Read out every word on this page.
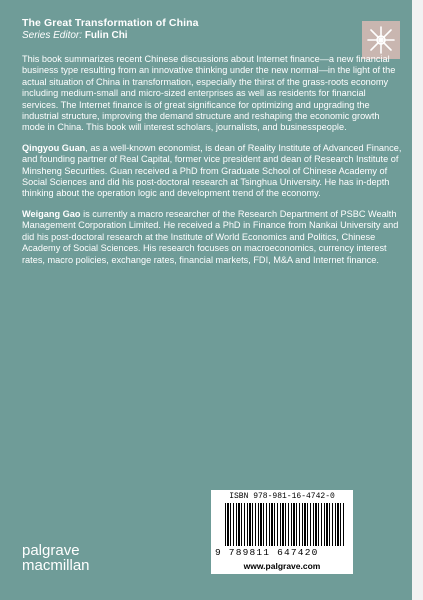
The Great Transformation of China
Series Editor: Fulin Chi

This book summarizes recent Chinese discussions about Internet finance—a new financial business type resulting from an innovative thinking under the new normal—in the light of the actual situation of China in transformation, especially the thirst of the grass-roots economy including medium-small and micro-sized enterprises as well as residents for financial services. The Internet finance is of great significance for optimizing and upgrading the industrial structure, improving the demand structure and reshaping the economic growth mode in China. This book will interest scholars, journalists, and businesspeople.

Qingyou Guan, as a well-known economist, is dean of Reality Institute of Advanced Finance, and founding partner of Real Capital, former vice president and dean of Research Institute of Minsheng Securities. Guan received a PhD from Graduate School of Chinese Academy of Social Sciences and did his post-doctoral research at Tsinghua University. He has in-depth thinking about the operation logic and development trend of the economy.

Weigang Gao is currently a macro researcher of the Research Department of PSBC Wealth Management Corporation Limited. He received a PhD in Finance from Nankai University and did his post-doctoral research at the Institute of World Economics and Politics, Chinese Academy of Social Sciences. His research focuses on macroeconomics, currency interest rates, macro policies, exchange rates, financial markets, FDI, M&A and Internet finance.

ISBN 978-981-16-4742-0
9 789811 647420
www.palgrave.com
palgrave
macmillan
